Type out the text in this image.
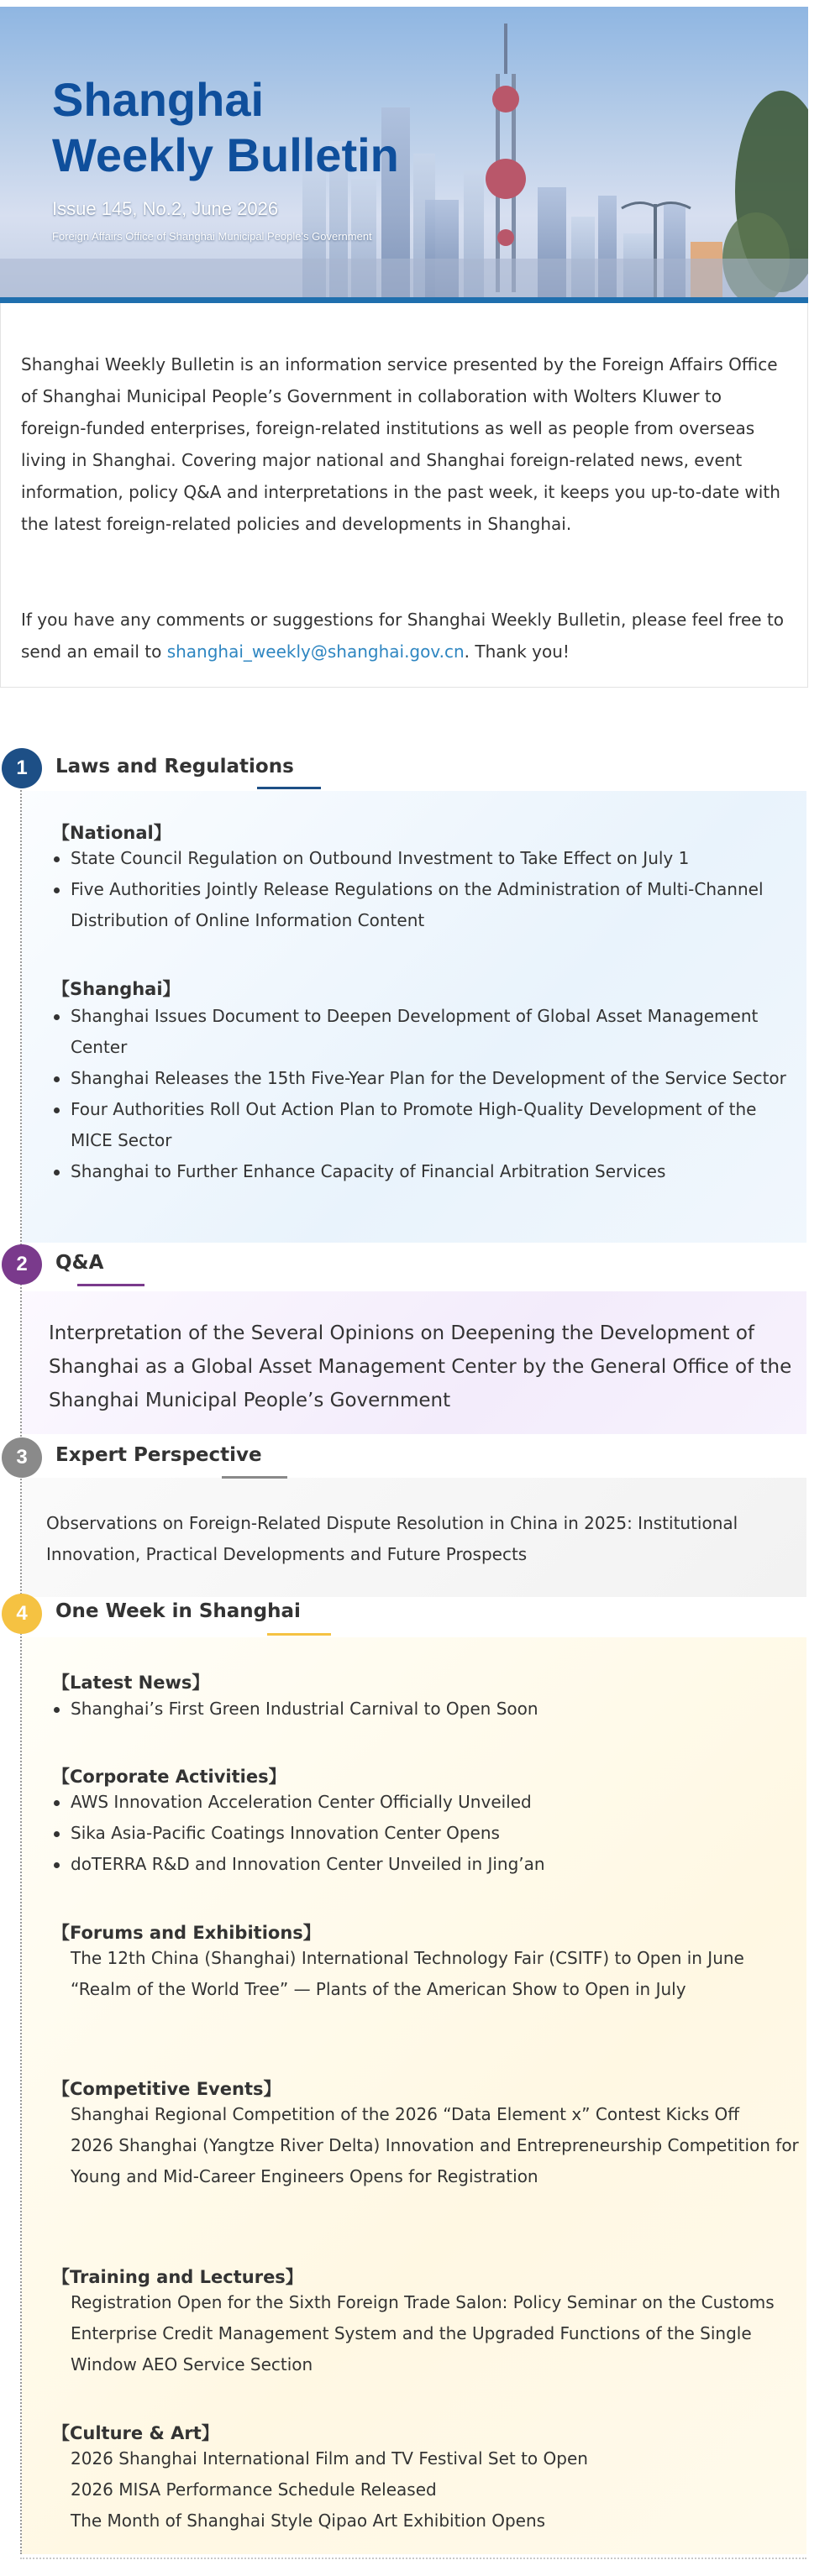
Shanghai
Weekly Bulletin
Issue 145, No.2, June 2026
Foreign Affairs Office of Shanghai Municipal People's Government

Shanghai Weekly Bulletin is an information service presented by the Foreign Affairs Office of Shanghai Municipal People’s Government in collaboration with Wolters Kluwer to foreign-funded enterprises, foreign-related institutions as well as people from overseas living in Shanghai. Covering major national and Shanghai foreign-related news, event information, policy Q&A and interpretations in the past week, it keeps you up-to-date with the latest foreign-related policies and developments in Shanghai.

If you have any comments or suggestions for Shanghai Weekly Bulletin, please feel free to send an email to shanghai_weekly@shanghai.gov.cn. Thank you!

1	Laws and Regulations
【National】
State Council Regulation on Outbound Investment to Take Effect on July 1
Five Authorities Jointly Release Regulations on the Administration of Multi-Channel Distribution of Online Information Content
【Shanghai】
Shanghai Issues Document to Deepen Development of Global Asset Management Center
Shanghai Releases the 15th Five-Year Plan for the Development of the Service Sector
Four Authorities Roll Out Action Plan to Promote High-Quality Development of the MICE Sector
Shanghai to Further Enhance Capacity of Financial Arbitration Services
2	Q&A
Interpretation of the Several Opinions on Deepening the Development of Shanghai as a Global Asset Management Center by the General Office of the Shanghai Municipal People’s Government
3	Expert Perspective
Observations on Foreign-Related Dispute Resolution in China in 2025: Institutional Innovation, Practical Developments and Future Prospects
4	One Week in Shanghai
【Latest News】
Shanghai’s First Green Industrial Carnival to Open Soon
【Corporate Activities】
AWS Innovation Acceleration Center Officially Unveiled
Sika Asia-Pacific Coatings Innovation Center Opens
doTERRA R&D and Innovation Center Unveiled in Jing’an
【Forums and Exhibitions】
The 12th China (Shanghai) International Technology Fair (CSITF) to Open in June
“Realm of the World Tree” — Plants of the American Show to Open in July
【Competitive Events】
Shanghai Regional Competition of the 2026 “Data Element x” Contest Kicks Off
2026 Shanghai (Yangtze River Delta) Innovation and Entrepreneurship Competition for Young and Mid-Career Engineers Opens for Registration
【Training and Lectures】
Registration Open for the Sixth Foreign Trade Salon: Policy Seminar on the Customs Enterprise Credit Management System and the Upgraded Functions of the Single Window AEO Service Section
【Culture & Art】
2026 Shanghai International Film and TV Festival Set to Open
2026 MISA Performance Schedule Released
The Month of Shanghai Style Qipao Art Exhibition Opens
